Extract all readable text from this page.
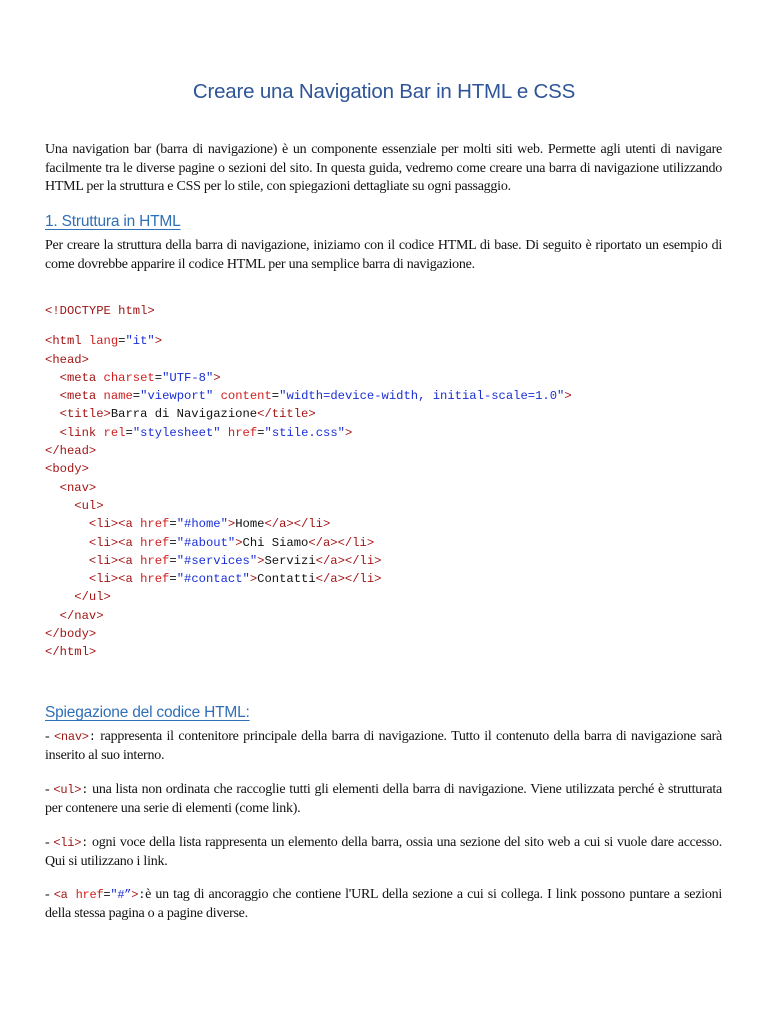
Creare una Navigation Bar in HTML e CSS
Una navigation bar (barra di navigazione) è un componente essenziale per molti siti web. Permette agli utenti di navigare facilmente tra le diverse pagine o sezioni del sito. In questa guida, vedremo come creare una barra di navigazione utilizzando HTML per la struttura e CSS per lo stile, con spiegazioni dettagliate su ogni passaggio.
1. Struttura in HTML
Per creare la struttura della barra di navigazione, iniziamo con il codice HTML di base. Di seguito è riportato un esempio di come dovrebbe apparire il codice HTML per una semplice barra di navigazione.
<!DOCTYPE html>
<html lang="it">
<head>
<meta charset="UTF-8">
<meta name="viewport" content="width=device-width, initial-scale=1.0">
<title>Barra di Navigazione</title>
<link rel="stylesheet" href="stile.css">
</head>
<body>
<nav>
<ul>
<li><a href="#home">Home</a></li>
<li><a href="#about">Chi Siamo</a></li>
<li><a href="#services">Servizi</a></li>
<li><a href="#contact">Contatti</a></li>
</ul>
</nav>
</body>
</html>
Spiegazione del codice HTML:
- <nav>: rappresenta il contenitore principale della barra di navigazione. Tutto il contenuto della barra di navigazione sarà inserito al suo interno.
- <ul>: una lista non ordinata che raccoglie tutti gli elementi della barra di navigazione. Viene utilizzata perché è strutturata per contenere una serie di elementi (come link).
- <li>: ogni voce della lista rappresenta un elemento della barra, ossia una sezione del sito web a cui si vuole dare accesso. Qui si utilizzano i link.
- <a href="#”>:è un tag di ancoraggio che contiene l'URL della sezione a cui si collega. I link possono puntare a sezioni della stessa pagina o a pagine diverse.
